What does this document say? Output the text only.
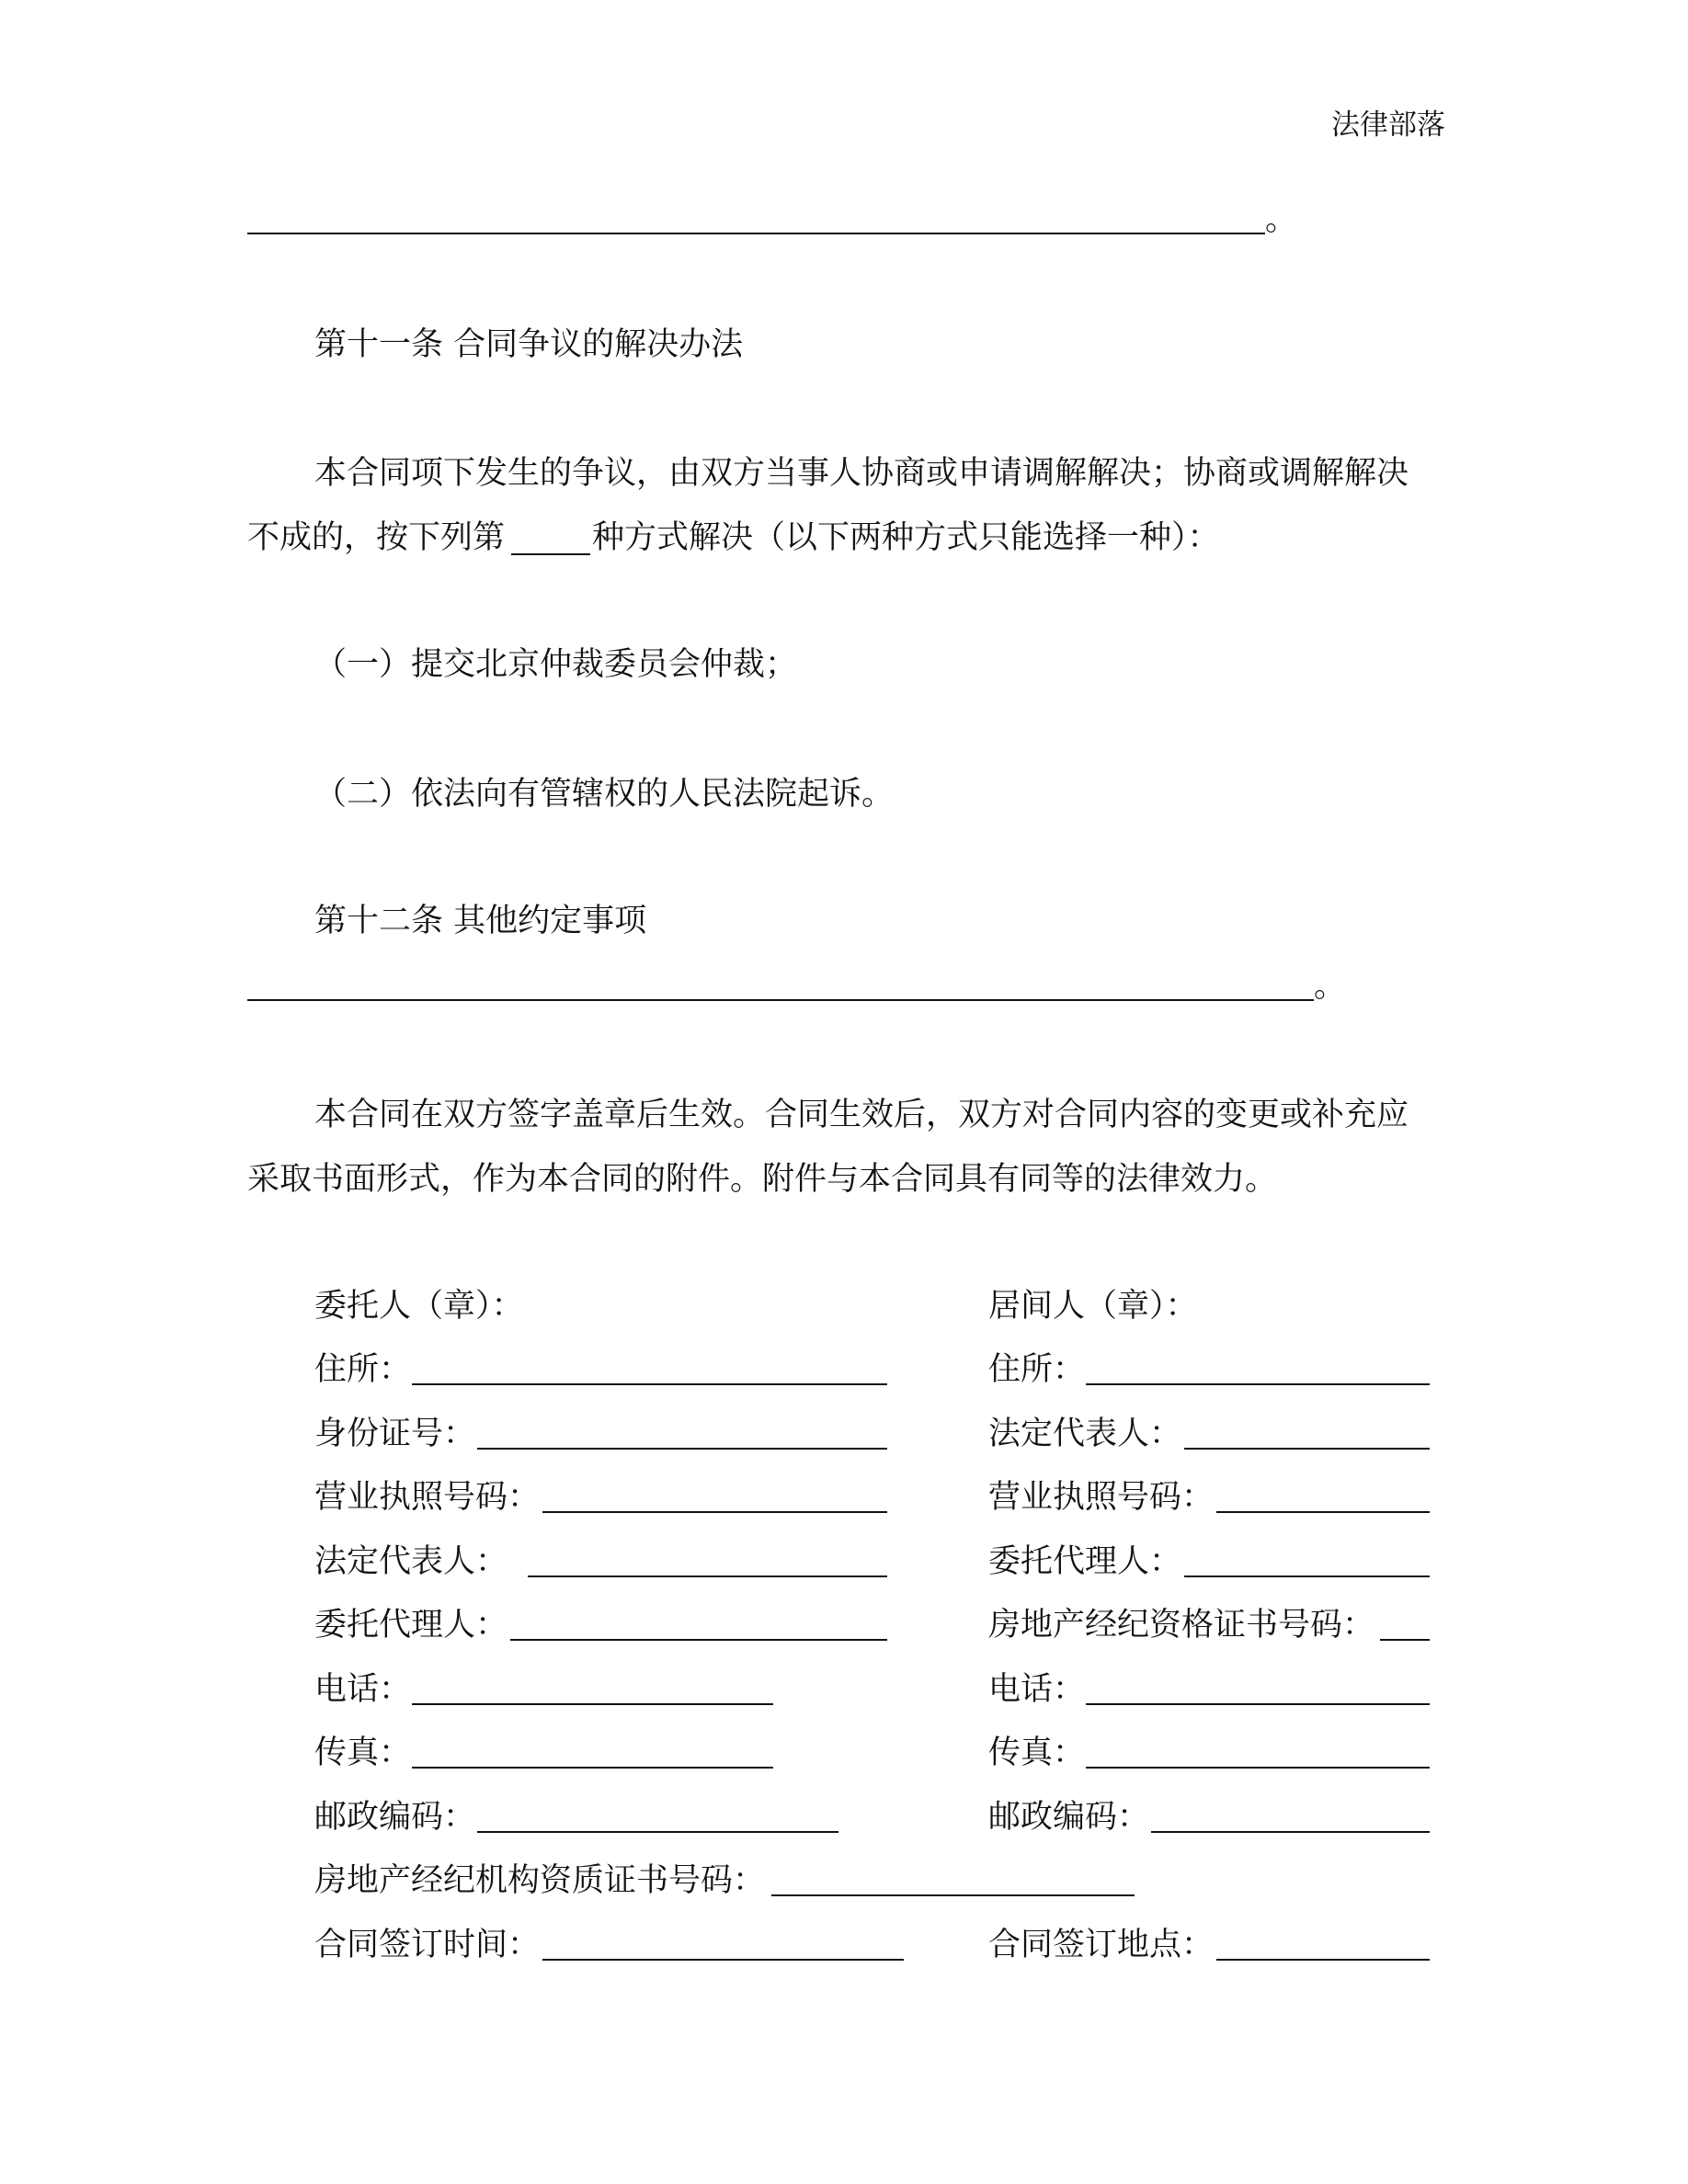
法律部落
。
第十一条 合同争议的解决办法
本合同项下发生的争议，由双方当事人协商或申请调解解决；协商或调解解决
不成的，按下列第	种方式解决（以下两种方式只能选择一种）：
（一）提交北京仲裁委员会仲裁；
（二）依法向有管辖权的人民法院起诉。
第十二条 其他约定事项
。
本合同在双方签字盖章后生效。合同生效后，双方对合同内容的变更或补充应
采取书面形式，作为本合同的附件。附件与本合同具有同等的法律效力。
委托人（章）：
住所：
身份证号：
营业执照号码：
法定代表人：
委托代理人：
电话：
传真：
邮政编码：
居间人（章）：
住所：
法定代表人：
营业执照号码：
委托代理人：
房地产经纪资格证书号码：
电话：
传真：
邮政编码：
房地产经纪机构资质证书号码：
合同签订时间：	合同签订地点：
